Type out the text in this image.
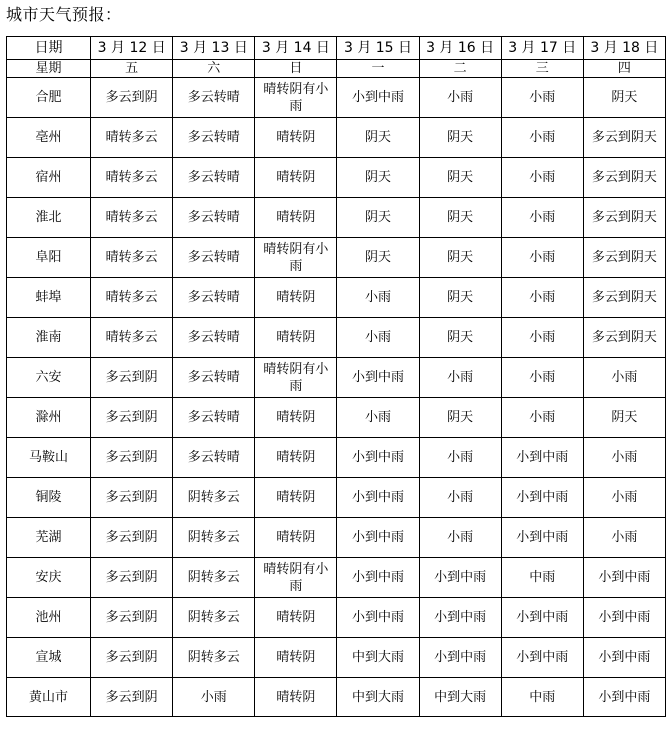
城市天气预报：
日期	3 月 12 日	3 月 13 日	3 月 14 日	3 月 15 日	3 月 16 日	3 月 17 日	3 月 18 日
星期	五	六	日	一	二	三	四
合肥	多云到阴	多云转晴	晴转阴有小雨	小到中雨	小雨	小雨	阴天
亳州	晴转多云	多云转晴	晴转阴	阴天	阴天	小雨	多云到阴天
宿州	晴转多云	多云转晴	晴转阴	阴天	阴天	小雨	多云到阴天
淮北	晴转多云	多云转晴	晴转阴	阴天	阴天	小雨	多云到阴天
阜阳	晴转多云	多云转晴	晴转阴有小雨	阴天	阴天	小雨	多云到阴天
蚌埠	晴转多云	多云转晴	晴转阴	小雨	阴天	小雨	多云到阴天
淮南	晴转多云	多云转晴	晴转阴	小雨	阴天	小雨	多云到阴天
六安	多云到阴	多云转晴	晴转阴有小雨	小到中雨	小雨	小雨	小雨
滁州	多云到阴	多云转晴	晴转阴	小雨	阴天	小雨	阴天
马鞍山	多云到阴	多云转晴	晴转阴	小到中雨	小雨	小到中雨	小雨
铜陵	多云到阴	阴转多云	晴转阴	小到中雨	小雨	小到中雨	小雨
芜湖	多云到阴	阴转多云	晴转阴	小到中雨	小雨	小到中雨	小雨
安庆	多云到阴	阴转多云	晴转阴有小雨	小到中雨	小到中雨	中雨	小到中雨
池州	多云到阴	阴转多云	晴转阴	小到中雨	小到中雨	小到中雨	小到中雨
宣城	多云到阴	阴转多云	晴转阴	中到大雨	小到中雨	小到中雨	小到中雨
黄山市	多云到阴	小雨	晴转阴	中到大雨	中到大雨	中雨	小到中雨
